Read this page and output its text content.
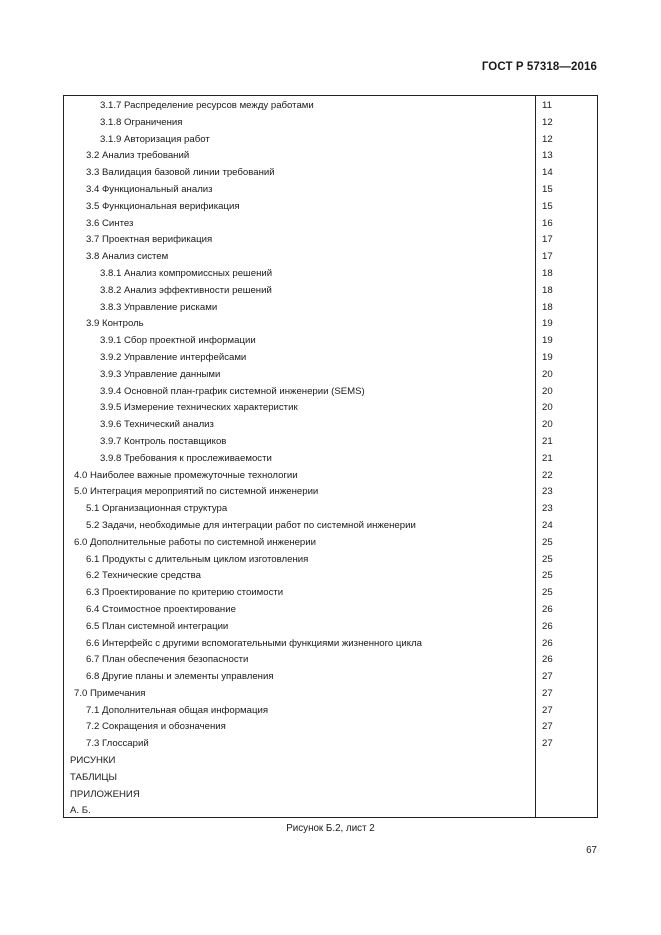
ГОСТ Р 57318—2016
3.1.7 Распределение ресурсов между работами	11
3.1.8 Ограничения	12
3.1.9 Авторизация работ	12
3.2 Анализ требований	13
3.3 Валидация базовой линии требований	14
3.4 Функциональный анализ	15
3.5 Функциональная верификация	15
3.6 Синтез	16
3.7 Проектная верификация	17
3.8 Анализ систем	17
3.8.1 Анализ компромиссных решений	18
3.8.2 Анализ эффективности решений	18
3.8.3 Управление рисками	18
3.9 Контроль	19
3.9.1 Сбор проектной информации	19
3.9.2 Управление интерфейсами	19
3.9.3 Управление данными	20
3.9.4 Основной план-график системной инженерии (SEMS)	20
3.9.5 Измерение технических характеристик	20
3.9.6 Технический анализ	20
3.9.7 Контроль поставщиков	21
3.9.8 Требования к прослеживаемости	21
4.0 Наиболее важные промежуточные технологии	22
5.0 Интеграция мероприятий по системной инженерии	23
5.1 Организационная структура	23
5.2 Задачи, необходимые для интеграции работ по системной инженерии	24
6.0 Дополнительные работы по системной инженерии	25
6.1 Продукты с длительным циклом изготовления	25
6.2 Технические средства	25
6.3 Проектирование по критерию стоимости	25
6.4 Стоимостное проектирование	26
6.5 План системной интеграции	26
6.6 Интерфейс с другими вспомогательными функциями жизненного цикла	26
6.7 План обеспечения безопасности	26
6.8 Другие планы и элементы управления	27
7.0 Примечания	27
7.1 Дополнительная общая информация	27
7.2 Сокращения и обозначения	27
7.3 Глоссарий	27
РИСУНКИ
ТАБЛИЦЫ
ПРИЛОЖЕНИЯ
А. Б.
Рисунок Б.2, лист 2
67
